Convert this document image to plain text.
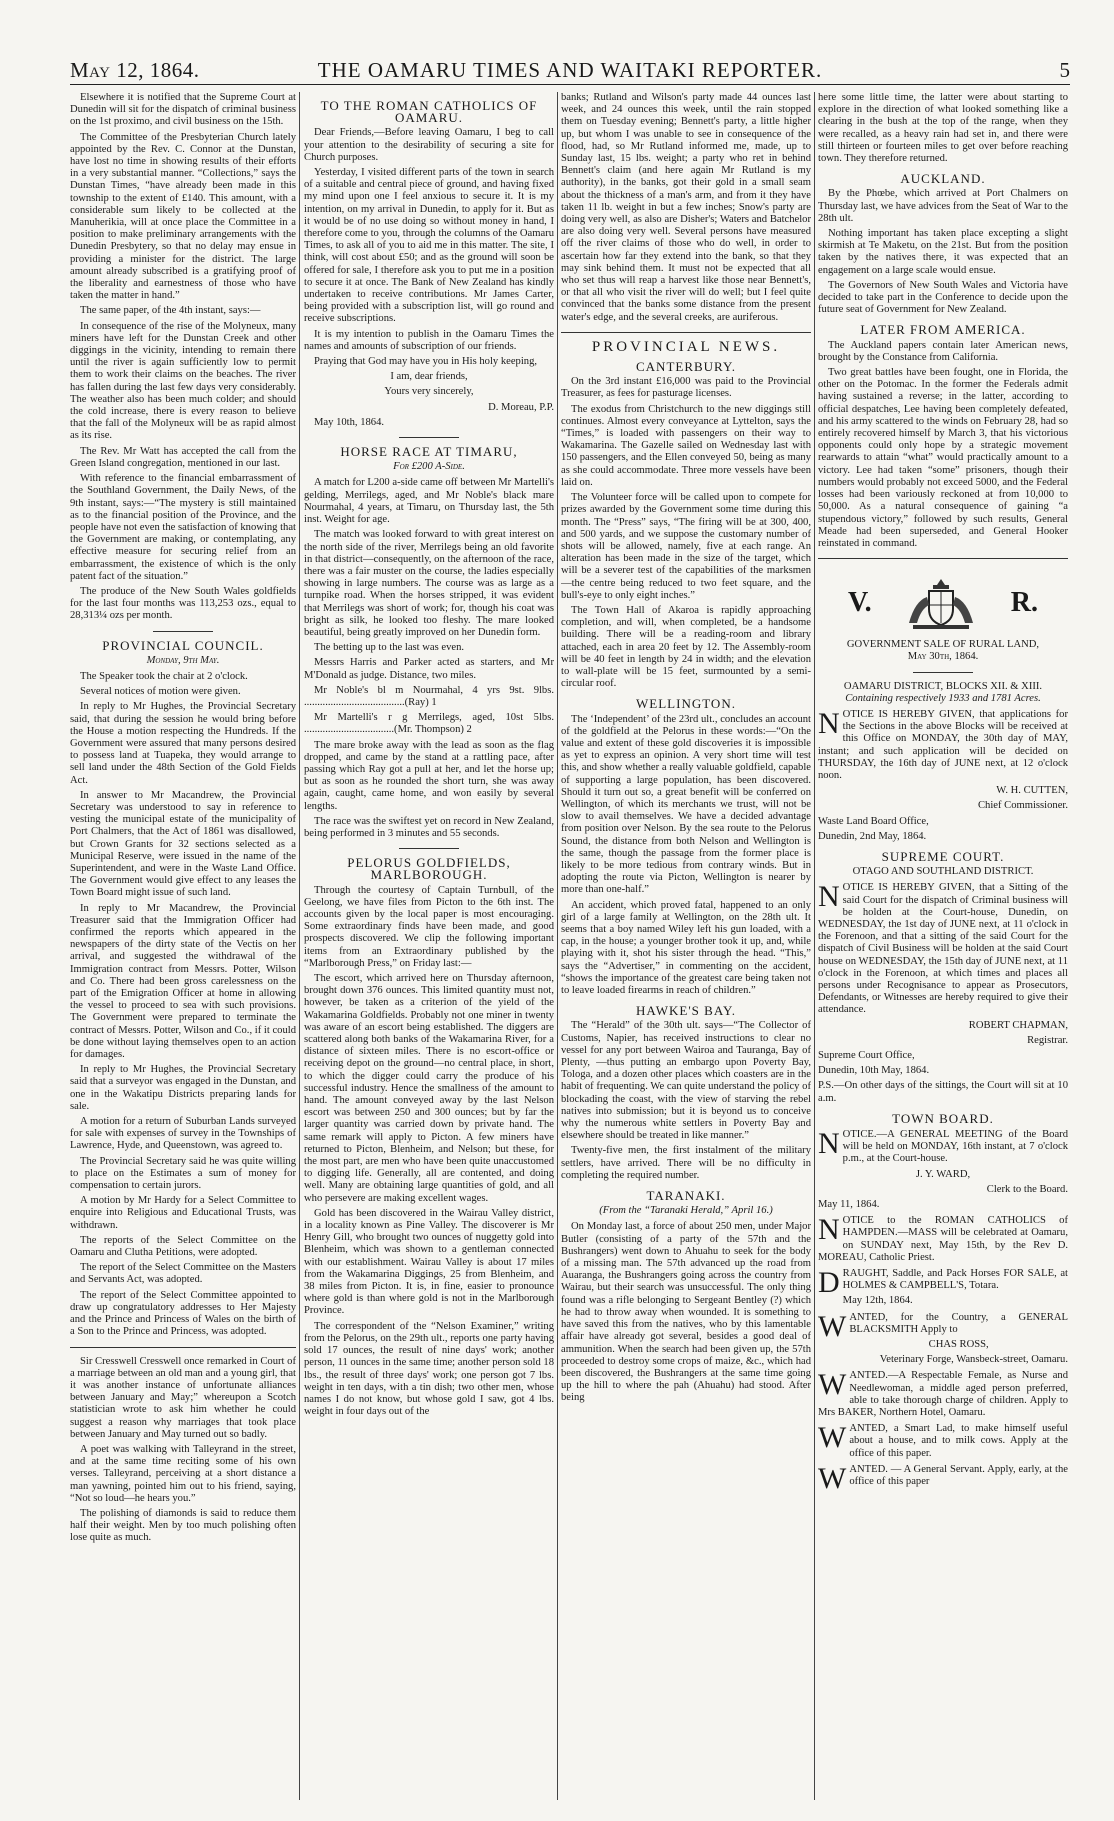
May 12, 1864.	THE OAMARU TIMES AND WAITAKI REPORTER.	5

Elsewhere it is notified that the Supreme Court at Dunedin will sit for the dispatch of criminal business on the 1st proximo, and civil business on the 15th.

The Committee of the Presbyterian Church lately appointed by the Rev. C. Connor at the Dunstan, have lost no time in showing results of their efforts in a very substantial manner. “Collections,” says the Dunstan Times, “have already been made in this township to the extent of £140. This amount, with a considerable sum likely to be collected at the Manuherikia, will at once place the Committee in a position to make preliminary arrangements with the Dunedin Presbytery, so that no delay may ensue in providing a minister for the district. The large amount already subscribed is a gratifying proof of the liberality and earnestness of those who have taken the matter in hand.”

The same paper, of the 4th instant, says:—

In consequence of the rise of the Molyneux, many miners have left for the Dunstan Creek and other diggings in the vicinity, intending to remain there until the river is again sufficiently low to permit them to work their claims on the beaches. The river has fallen during the last few days very considerably. The weather also has been much colder; and should the cold increase, there is every reason to believe that the fall of the Molyneux will be as rapid almost as its rise.

The Rev. Mr Watt has accepted the call from the Green Island congregation, mentioned in our last.

With reference to the financial embarrassment of the Southland Government, the Daily News, of the 9th instant, says:—“The mystery is still maintained as to the financial position of the Province, and the people have not even the satisfaction of knowing that the Government are making, or contemplating, any effective measure for securing relief from an embarrassment, the existence of which is the only patent fact of the situation.”

The produce of the New South Wales goldfields for the last four months was 113,253 ozs., equal to 28,313¼ ozs per month.

PROVINCIAL COUNCIL.
Monday, 9th May.

The Speaker took the chair at 2 o'clock.

Several notices of motion were given.

In reply to Mr Hughes, the Provincial Secretary said, that during the session he would bring before the House a motion respecting the Hundreds. If the Government were assured that many persons desired to possess land at Tuapeka, they would arrange to sell land under the 48th Section of the Gold Fields Act.

In answer to Mr Macandrew, the Provincial Secretary was understood to say in reference to vesting the municipal estate of the municipality of Port Chalmers, that the Act of 1861 was disallowed, but Crown Grants for 32 sections selected as a Municipal Reserve, were issued in the name of the Superintendent, and were in the Waste Land Office. The Government would give effect to any leases the Town Board might issue of such land.

In reply to Mr Macandrew, the Provincial Treasurer said that the Immigration Officer had confirmed the reports which appeared in the newspapers of the dirty state of the Vectis on her arrival, and suggested the withdrawal of the Immigration contract from Messrs. Potter, Wilson and Co. There had been gross carelessness on the part of the Emigration Officer at home in allowing the vessel to proceed to sea with such provisions. The Government were prepared to terminate the contract of Messrs. Potter, Wilson and Co., if it could be done without laying themselves open to an action for damages.

In reply to Mr Hughes, the Provincial Secretary said that a surveyor was engaged in the Dunstan, and one in the Wakatipu Districts preparing lands for sale.

A motion for a return of Suburban Lands surveyed for sale with expenses of survey in the Townships of Lawrence, Hyde, and Queenstown, was agreed to.

The Provincial Secretary said he was quite willing to place on the Estimates a sum of money for compensation to certain jurors.

A motion by Mr Hardy for a Select Committee to enquire into Religious and Educational Trusts, was withdrawn.

The reports of the Select Committee on the Oamaru and Clutha Petitions, were adopted.

The report of the Select Committee on the Masters and Servants Act, was adopted.

The report of the Select Committee appointed to draw up congratulatory addresses to Her Majesty and the Prince and Princess of Wales on the birth of a Son to the Prince and Princess, was adopted.

Sir Cresswell Cresswell once remarked in Court of a marriage between an old man and a young girl, that it was another instance of unfortunate alliances between January and May;” whereupon a Scotch statistician wrote to ask him whether he could suggest a reason why marriages that took place between January and May turned out so badly.

A poet was walking with Talleyrand in the street, and at the same time reciting some of his own verses. Talleyrand, perceiving at a short distance a man yawning, pointed him out to his friend, saying, “Not so loud—he hears you.”

The polishing of diamonds is said to reduce them half their weight. Men by too much polishing often lose quite as much.

TO THE ROMAN CATHOLICS OF OAMARU.

Dear Friends,—Before leaving Oamaru, I beg to call your attention to the desirability of securing a site for Church purposes.

Yesterday, I visited different parts of the town in search of a suitable and central piece of ground, and having fixed my mind upon one I feel anxious to secure it. It is my intention, on my arrival in Dunedin, to apply for it. But as it would be of no use doing so without money in hand, I therefore come to you, through the columns of the Oamaru Times, to ask all of you to aid me in this matter. The site, I think, will cost about £50; and as the ground will soon be offered for sale, I therefore ask you to put me in a position to secure it at once. The Bank of New Zealand has kindly undertaken to receive contributions. Mr James Carter, being provided with a subscription list, will go round and receive subscriptions.

It is my intention to publish in the Oamaru Times the names and amounts of subscription of our friends.

Praying that God may have you in His holy keeping,

I am, dear friends,

Yours very sincerely,

D. Moreau, P.P.

May 10th, 1864.

HORSE RACE AT TIMARU,
For £200 A-Side.

A match for L200 a-side came off between Mr Martelli's gelding, Merrilegs, aged, and Mr Noble's black mare Nourmahal, 4 years, at Timaru, on Thursday last, the 5th inst. Weight for age.

The match was looked forward to with great interest on the north side of the river, Merrilegs being an old favorite in that district—consequently, on the afternoon of the race, there was a fair muster on the course, the ladies especially showing in large numbers. The course was as large as a turnpike road. When the horses stripped, it was evident that Merrilegs was short of work; for, though his coat was bright as silk, he looked too fleshy. The mare looked beautiful, being greatly improved on her Dunedin form.

The betting up to the last was even.

Messrs Harris and Parker acted as starters, and Mr M'Donald as judge. Distance, two miles.

Mr Noble's bl m Nourmahal, 4 yrs 9st. 9lbs. ......................................(Ray) 1

Mr Martelli's r g Merrilegs, aged, 10st 5lbs. ..................................(Mr. Thompson) 2

The mare broke away with the lead as soon as the flag dropped, and came by the stand at a rattling pace, after passing which Ray got a pull at her, and let the horse up; but as soon as he rounded the short turn, she was away again, caught, came home, and won easily by several lengths.

The race was the swiftest yet on record in New Zealand, being performed in 3 minutes and 55 seconds.

PELORUS GOLDFIELDS, MARLBOROUGH.

Through the courtesy of Captain Turnbull, of the Geelong, we have files from Picton to the 6th inst. The accounts given by the local paper is most encouraging. Some extraordinary finds have been made, and good prospects discovered. We clip the following important items from an Extraordinary published by the “Marlborough Press,” on Friday last:—

The escort, which arrived here on Thursday afternoon, brought down 376 ounces. This limited quantity must not, however, be taken as a criterion of the yield of the Wakamarina Goldfields. Probably not one miner in twenty was aware of an escort being established. The diggers are scattered along both banks of the Wakamarina River, for a distance of sixteen miles. There is no escort-office or receiving depot on the ground—no central place, in short, to which the digger could carry the produce of his successful industry. Hence the smallness of the amount to hand. The amount conveyed away by the last Nelson escort was between 250 and 300 ounces; but by far the larger quantity was carried down by private hand. The same remark will apply to Picton. A few miners have returned to Picton, Blenheim, and Nelson; but these, for the most part, are men who have been quite unaccustomed to digging life. Generally, all are contented, and doing well. Many are obtaining large quantities of gold, and all who persevere are making excellent wages.

Gold has been discovered in the Wairau Valley district, in a locality known as Pine Valley. The discoverer is Mr Henry Gill, who brought two ounces of nuggetty gold into Blenheim, which was shown to a gentleman connected with our establishment. Wairau Valley is about 17 miles from the Wakamarina Diggings, 25 from Blenheim, and 38 miles from Picton. It is, in fine, easier to pronounce where gold is than where gold is not in the Marlborough Province.

The correspondent of the “Nelson Examiner,” writing from the Pelorus, on the 29th ult., reports one party having sold 17 ounces, the result of nine days' work; another person, 11 ounces in the same time; another person sold 18 lbs., the result of three days' work; one person got 7 lbs. weight in ten days, with a tin dish; two other men, whose names I do not know, but whose gold I saw, got 4 lbs. weight in four days out of the

banks; Rutland and Wilson's party made 44 ounces last week, and 24 ounces this week, until the rain stopped them on Tuesday evening; Bennett's party, a little higher up, but whom I was unable to see in consequence of the flood, had, so Mr Rutland informed me, made, up to Sunday last, 15 lbs. weight; a party who ret in behind Bennett's claim (and here again Mr Rutland is my authority), in the banks, got their gold in a small seam about the thickness of a man's arm, and from it they have taken 11 lb. weight in but a few inches; Snow's party are doing very well, as also are Disher's; Waters and Batchelor are also doing very well. Several persons have measured off the river claims of those who do well, in order to ascertain how far they extend into the bank, so that they may sink behind them. It must not be expected that all who set thus will reap a harvest like those near Bennett's, or that all who visit the river will do well; but I feel quite convinced that the banks some distance from the present water's edge, and the several creeks, are auriferous.

PROVINCIAL NEWS.
CANTERBURY.

On the 3rd instant £16,000 was paid to the Provincial Treasurer, as fees for pasturage licenses.

The exodus from Christchurch to the new diggings still continues. Almost every conveyance at Lyttelton, says the “Times,” is loaded with passengers on their way to Wakamarina. The Gazelle sailed on Wednesday last with 150 passengers, and the Ellen conveyed 50, being as many as she could accommodate. Three more vessels have been laid on.

The Volunteer force will be called upon to compete for prizes awarded by the Government some time during this month. The “Press” says, “The firing will be at 300, 400, and 500 yards, and we suppose the customary number of shots will be allowed, namely, five at each range. An alteration has been made in the size of the target, which will be a severer test of the capabilities of the marksmen —the centre being reduced to two feet square, and the bull's-eye to only eight inches.”

The Town Hall of Akaroa is rapidly approaching completion, and will, when completed, be a handsome building. There will be a reading-room and library attached, each in area 20 feet by 12. The Assembly-room will be 40 feet in length by 24 in width; and the elevation to wall-plate will be 15 feet, surmounted by a semi-circular roof.

WELLINGTON.

The ‘Independent’ of the 23rd ult., concludes an account of the goldfield at the Pelorus in these words:—“On the value and extent of these gold discoveries it is impossible as yet to express an opinion. A very short time will test this, and show whether a really valuable goldfield, capable of supporting a large population, has been discovered. Should it turn out so, a great benefit will be conferred on Wellington, of which its merchants we trust, will not be slow to avail themselves. We have a decided advantage from position over Nelson. By the sea route to the Pelorus Sound, the distance from both Nelson and Wellington is the same, though the passage from the former place is likely to be more tedious from contrary winds. But in adopting the route via Picton, Wellington is nearer by more than one-half.”

An accident, which proved fatal, happened to an only girl of a large family at Wellington, on the 28th ult. It seems that a boy named Wiley left his gun loaded, with a cap, in the house; a younger brother took it up, and, while playing with it, shot his sister through the head. “This,” says the “Advertiser,” in commenting on the accident, “shows the importance of the greatest care being taken not to leave loaded firearms in reach of children.”

HAWKE'S BAY.

The “Herald” of the 30th ult. says—“The Collector of Customs, Napier, has received instructions to clear no vessel for any port between Wairoa and Tauranga, Bay of Plenty, —thus putting an embargo upon Poverty Bay, Tologa, and a dozen other places which coasters are in the habit of frequenting. We can quite understand the policy of blockading the coast, with the view of starving the rebel natives into submission; but it is beyond us to conceive why the numerous white settlers in Poverty Bay and elsewhere should be treated in like manner.”

Twenty-five men, the first instalment of the military settlers, have arrived. There will be no difficulty in completing the required number.

TARANAKI.
(From the “Taranaki Herald,” April 16.)

On Monday last, a force of about 250 men, under Major Butler (consisting of a party of the 57th and the Bushrangers) went down to Ahuahu to seek for the body of a missing man. The 57th advanced up the road from Auaranga, the Bushrangers going across the country from Wairau, but their search was unsuccessful. The only thing found was a rifle belonging to Sergeant Bentley (?) which he had to throw away when wounded. It is something to have saved this from the natives, who by this lamentable affair have already got several, besides a good deal of ammunition. When the search had been given up, the 57th proceeded to destroy some crops of maize, &c., which had been discovered, the Bushrangers at the same time going up the hill to where the pah (Ahuahu) had stood. After being

here some little time, the latter were about starting to explore in the direction of what looked something like a clearing in the bush at the top of the range, when they were recalled, as a heavy rain had set in, and there were still thirteen or fourteen miles to get over before reaching town. They therefore returned.

AUCKLAND.

By the Phœbe, which arrived at Port Chalmers on Thursday last, we have advices from the Seat of War to the 28th ult.

Nothing important has taken place excepting a slight skirmish at Te Maketu, on the 21st. But from the position taken by the natives there, it was expected that an engagement on a large scale would ensue.

The Governors of New South Wales and Victoria have decided to take part in the Conference to decide upon the future seat of Government for New Zealand.

LATER FROM AMERICA.

The Auckland papers contain later American news, brought by the Constance from California.

Two great battles have been fought, one in Florida, the other on the Potomac. In the former the Federals admit having sustained a reverse; in the latter, according to official despatches, Lee having been completely defeated, and his army scattered to the winds on February 28, had so entirely recovered himself by March 3, that his victorious opponents could only hope by a strategic movement rearwards to attain “what” would practically amount to a victory. Lee had taken “some” prisoners, though their numbers would probably not exceed 5000, and the Federal losses had been variously reckoned at from 10,000 to 50,000. As a natural consequence of gaining “a stupendous victory,” followed by such results, General Meade had been superseded, and General Hooker reinstated in command.

V.	R.
GOVERNMENT SALE OF RURAL LAND,
May 30th, 1864.
OAMARU DISTRICT, BLOCKS XII. & XIII.
Containing respectively 1933 and 1781 Acres.
N OTICE IS HEREBY GIVEN, that applications for the Sections in the above Blocks will be received at this Office on MONDAY, the 30th day of MAY, instant; and such application will be decided on THURSDAY, the 16th day of JUNE next, at 12 o'clock noon.

W. H. CUTTEN,

Chief Commissioner.

Waste Land Board Office,

Dunedin, 2nd May, 1864.

SUPREME COURT.
OTAGO AND SOUTHLAND DISTRICT.
N OTICE IS HEREBY GIVEN, that a Sitting of the said Court for the dispatch of Criminal business will be holden at the Court-house, Dunedin, on WEDNESDAY, the 1st day of JUNE next, at 11 o'clock in the Forenoon, and that a sitting of the said Court for the dispatch of Civil Business will be holden at the said Court house on WEDNESDAY, the 15th day of JUNE next, at 11 o'clock in the Forenoon, at which times and places all persons under Recognisance to appear as Prosecutors, Defendants, or Witnesses are hereby required to give their attendance.

ROBERT CHAPMAN,

Registrar.

Supreme Court Office,

Dunedin, 10th May, 1864.

P.S.—On other days of the sittings, the Court will sit at 10 a.m.

TOWN BOARD.
N OTICE.—A GENERAL MEETING of the Board will be held on MONDAY, 16th instant, at 7 o'clock p.m., at the Court-house.

J. Y. WARD,

Clerk to the Board.

May 11, 1864.

N OTICE to the ROMAN CATHOLICS of HAMPDEN.—MASS will be celebrated at Oamaru, on SUNDAY next, May 15th, by the Rev D. MOREAU, Catholic Priest.

D RAUGHT, Saddle, and Pack Horses FOR SALE, at HOLMES & CAMPBELL'S, Totara.

May 12th, 1864.

W ANTED, for the Country, a GENERAL BLACKSMITH Apply to

CHAS ROSS,

Veterinary Forge, Wansbeck-street, Oamaru.

W ANTED.—A Respectable Female, as Nurse and Needlewoman, a middle aged person preferred, able to take thorough charge of children. Apply to Mrs BAKER, Northern Hotel, Oamaru.

W ANTED, a Smart Lad, to make himself useful about a house, and to milk cows. Apply at the office of this paper.

W ANTED. — A General Servant. Apply, early, at the office of this paper
